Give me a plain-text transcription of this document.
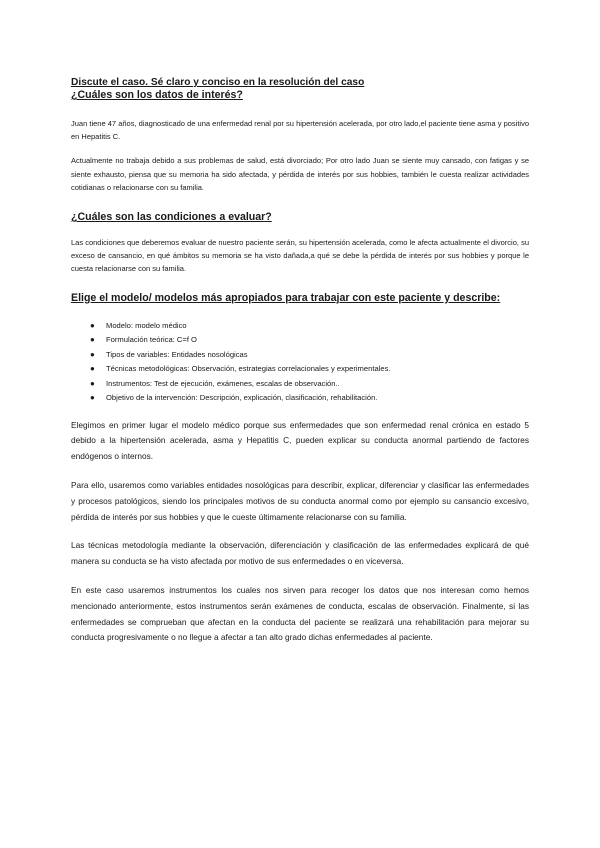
Discute el caso. Sé claro y conciso en la resolución del caso
¿Cuáles son los datos de interés?

Juan tiene 47 años, diagnosticado de una enfermedad renal por su hipertensión acelerada, por otro lado,el paciente tiene asma y positivo en Hepatitis C.

Actualmente no trabaja debido a sus problemas de salud, está divorciado; Por otro lado Juan se siente muy cansado, con fatigas y se siente exhausto, piensa que su memoria ha sido afectada, y pérdida de interés por sus hobbies, también le cuesta realizar actividades cotidianas o relacionarse con su familia.

¿Cuáles son las condiciones a evaluar?

Las condiciones que deberemos evaluar de nuestro paciente serán, su hipertensión acelerada, como le afecta actualmente el divorcio, su exceso de cansancio, en qué ámbitos su memoria se ha visto dañada,a qué se debe la pérdida de interés por sus hobbies y porque le cuesta relacionarse con su familia.

Elige el modelo/ modelos más apropiados para trabajar con este paciente y describe:
● Modelo: modelo médico
● Formulación teórica: C=f O
● Tipos de variables: Entidades nosológicas
● Técnicas metodológicas: Observación, estrategias correlacionales y experimentales.
● Instrumentos: Test de ejecución, exámenes, escalas de observación..
● Objetivo de la intervención: Descripción, explicación, clasificación, rehabilitación.

Elegimos en primer lugar el modelo médico porque sus enfermedades que son enfermedad renal crónica en estado 5 debido a la hipertensión acelerada, asma y Hepatitis C, pueden explicar su conducta anormal partiendo de factores endógenos o internos.

Para ello, usaremos como variables entidades nosológicas para describir, explicar, diferenciar y clasificar las enfermedades y procesos patológicos, siendo los principales motivos de su conducta anormal como por ejemplo su cansancio excesivo, pérdida de interés por sus hobbies y que le cueste últimamente relacionarse con su familia.

Las técnicas metodología mediante la observación, diferenciación y clasificación de las enfermedades explicará de qué manera su conducta se ha visto afectada por motivo de sus enfermedades o en viceversa.

En este caso usaremos instrumentos los cuales nos sirven para recoger los datos que nos interesan como hemos mencionado anteriormente, estos instrumentos serán exámenes de conducta, escalas de observación. Finalmente, si las enfermedades se comprueban que afectan en la conducta del paciente se realizará una rehabilitación para mejorar su conducta progresivamente o no llegue a afectar a tan alto grado dichas enfermedades al paciente.
